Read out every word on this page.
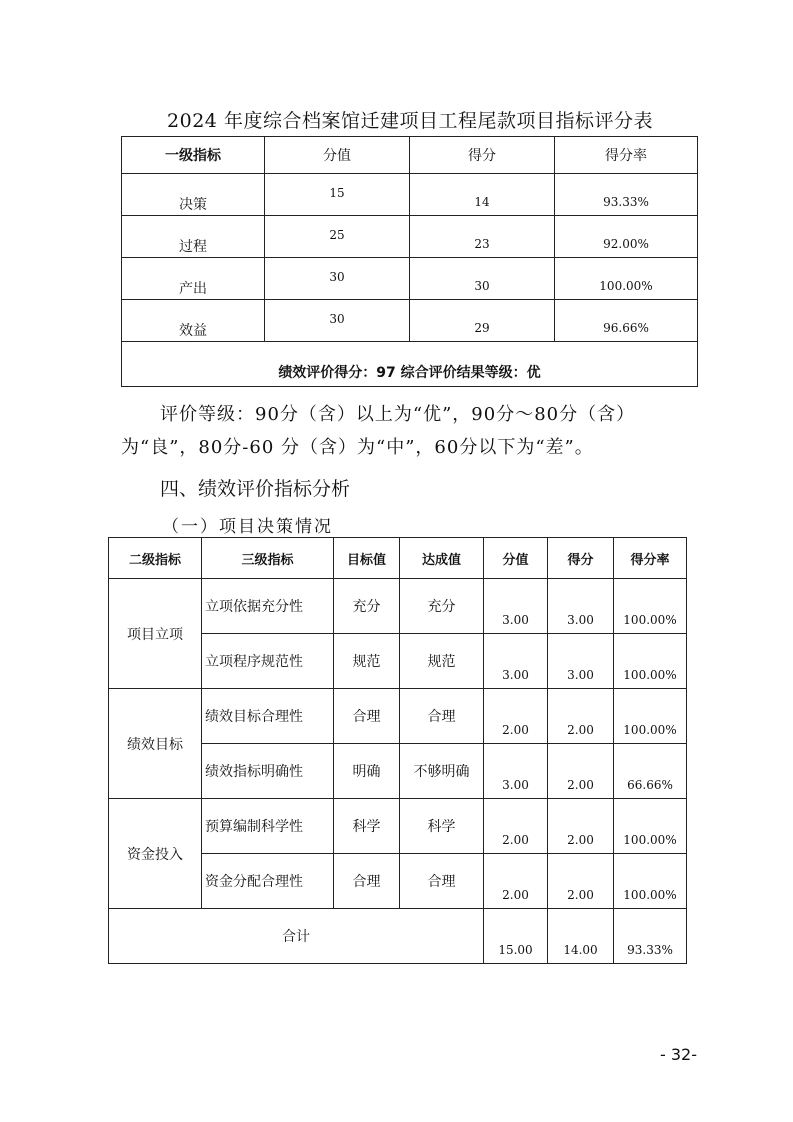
2024 年度综合档案馆迁建项目工程尾款项目指标评分表
一级指标	分值	得分	得分率

决策	15	14	93.33%

过程	25	23	92.00%

产出	30	30	100.00%

效益	30	29	96.66%

绩效评价得分：97 综合评价结果等级：优			
评价等级：90分（含）以上为“优”，90分～80分（含）
为“良”，80分-60 分（含）为“中”，60分以下为“差”。
四、绩效评价指标分析
（一）项目决策情况
二级指标	三级指标	目标值	达成值	分值	得分	得分率
项目立项	立项依据充分性	充分	充分	3.00	3.00	100.00%
	立项程序规范性	规范	规范	3.00	3.00	100.00%
绩效目标	绩效目标合理性	合理	合理	2.00	2.00	100.00%
	绩效指标明确性	明确	不够明确	3.00	2.00	66.66%
资金投入	预算编制科学性	科学	科学	2.00	2.00	100.00%
	资金分配合理性	合理	合理	2.00	2.00	100.00%
合计				15.00	14.00	93.33%
- 32-
